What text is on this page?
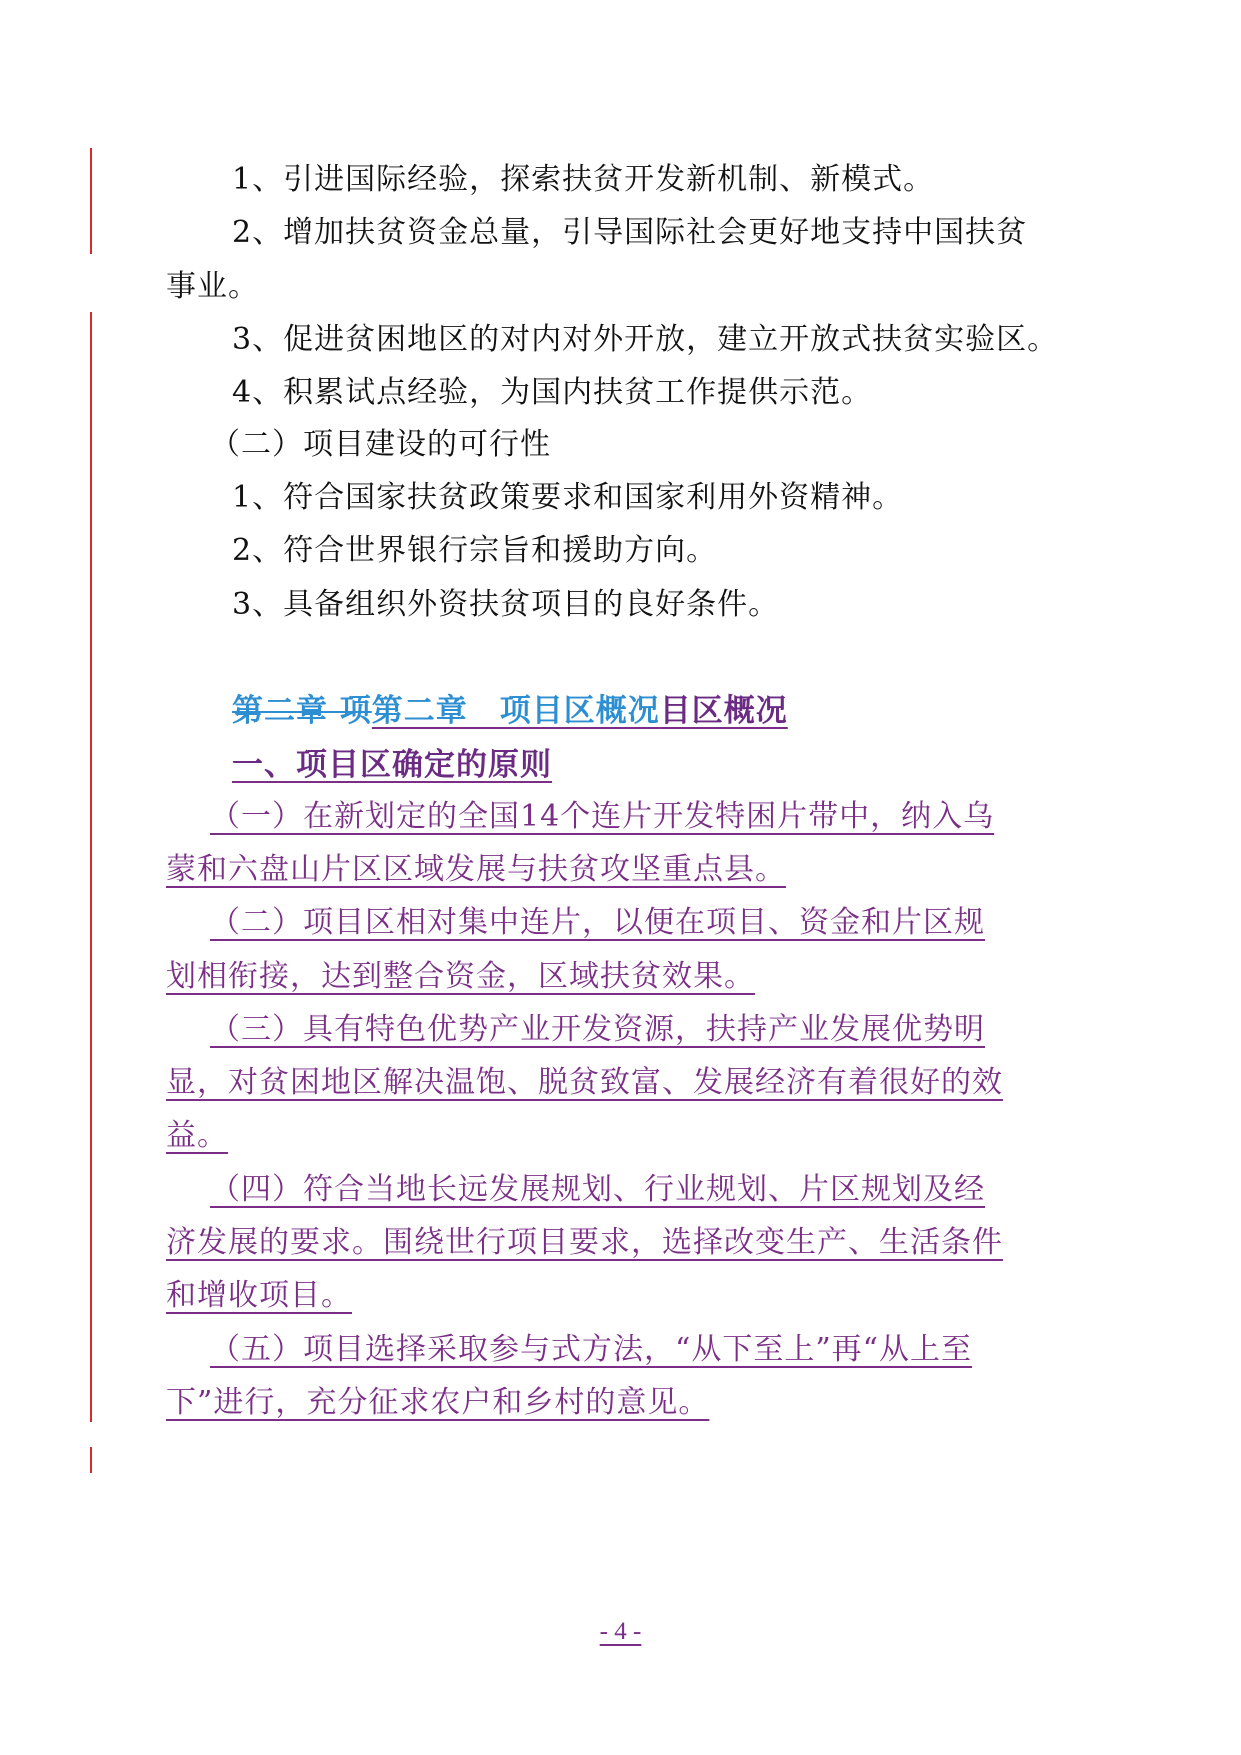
1、引进国际经验，探索扶贫开发新机制、新模式。

2、增加扶贫资金总量，引导国际社会更好地支持中国扶贫

事业。

3、促进贫困地区的对内对外开放，建立开放式扶贫实验区。

4、积累试点经验，为国内扶贫工作提供示范。

（二）项目建设的可行性

1、符合国家扶贫政策要求和国家利用外资精神。

2、符合世界银行宗旨和援助方向。

3、具备组织外资扶贫项目的良好条件。

第二章 项第二章　项目区概况目区概况

一、项目区确定的原则

（一）在新划定的全国14个连片开发特困片带中，纳入乌

蒙和六盘山片区区域发展与扶贫攻坚重点县。

（二）项目区相对集中连片，以便在项目、资金和片区规

划相衔接，达到整合资金，区域扶贫效果。

（三）具有特色优势产业开发资源，扶持产业发展优势明

显，对贫困地区解决温饱、脱贫致富、发展经济有着很好的效

益。

（四）符合当地长远发展规划、行业规划、片区规划及经

济发展的要求。围绕世行项目要求，选择改变生产、生活条件

和增收项目。

（五）项目选择采取参与式方法，“从下至上”再“从上至

下”进行，充分征求农户和乡村的意见。

- 4 -
